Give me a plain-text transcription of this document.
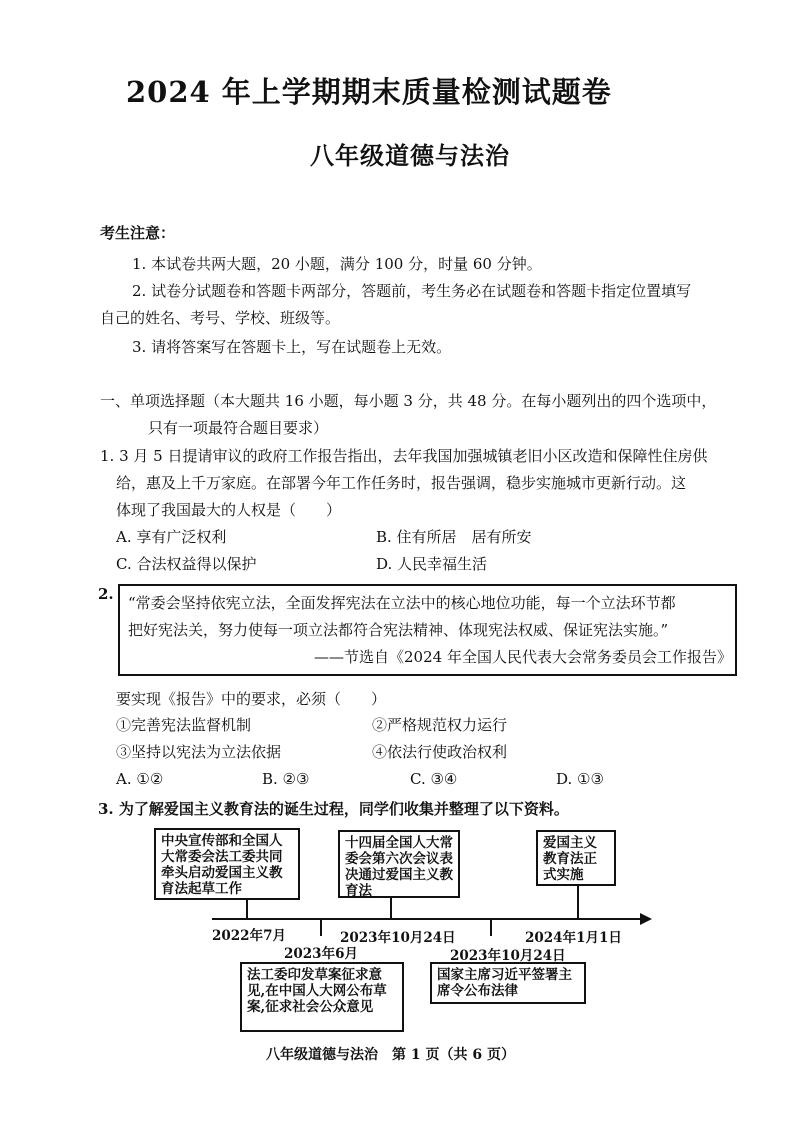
2024 年上学期期末质量检测试题卷
八年级道德与法治
考生注意：
1. 本试卷共两大题，20 小题，满分 100 分，时量 60 分钟。
2. 试卷分试题卷和答题卡两部分，答题前，考生务必在试题卷和答题卡指定位置填写
自己的姓名、考号、学校、班级等。
3. 请将答案写在答题卡上，写在试题卷上无效。
一、单项选择题（本大题共 16 小题，每小题 3 分，共 48 分。在每小题列出的四个选项中，
只有一项最符合题目要求）
1. 3 月 5 日提请审议的政府工作报告指出，去年我国加强城镇老旧小区改造和保障性住房供
给，惠及上千万家庭。在部署今年工作任务时，报告强调，稳步实施城市更新行动。这
体现了我国最大的人权是（　　）
A. 享有广泛权利	B. 住有所居　居有所安
C. 合法权益得以保护	D. 人民幸福生活
2. “常委会坚持依宪立法，全面发挥宪法在立法中的核心地位功能，每一个立法环节都
把好宪法关，努力使每一项立法都符合宪法精神、体现宪法权威、保证宪法实施。”
——节选自《2024 年全国人民代表大会常务委员会工作报告》
要实现《报告》中的要求，必须（　　）
①完善宪法监督机制	②严格规范权力运行
③坚持以宪法为立法依据	④依法行使政治权利
A. ①②	B. ②③	C. ③④	D. ①③
3. 为了解爱国主义教育法的诞生过程，同学们收集并整理了以下资料。
中央宣传部和全国人大常委会法工委共同牵头启动爱国主义教育法起草工作
十四届全国人大常委会第六次会议表决通过爱国主义教育法
爱国主义教育法正式实施
2022年7月	2023年10月24日	2024年1月1日
2023年6月	2023年10月24日
法工委印发草案征求意见,在中国人大网公布草案,征求社会公众意见
国家主席习近平签署主席令公布法律
八年级道德与法治　第 1 页（共 6 页）
